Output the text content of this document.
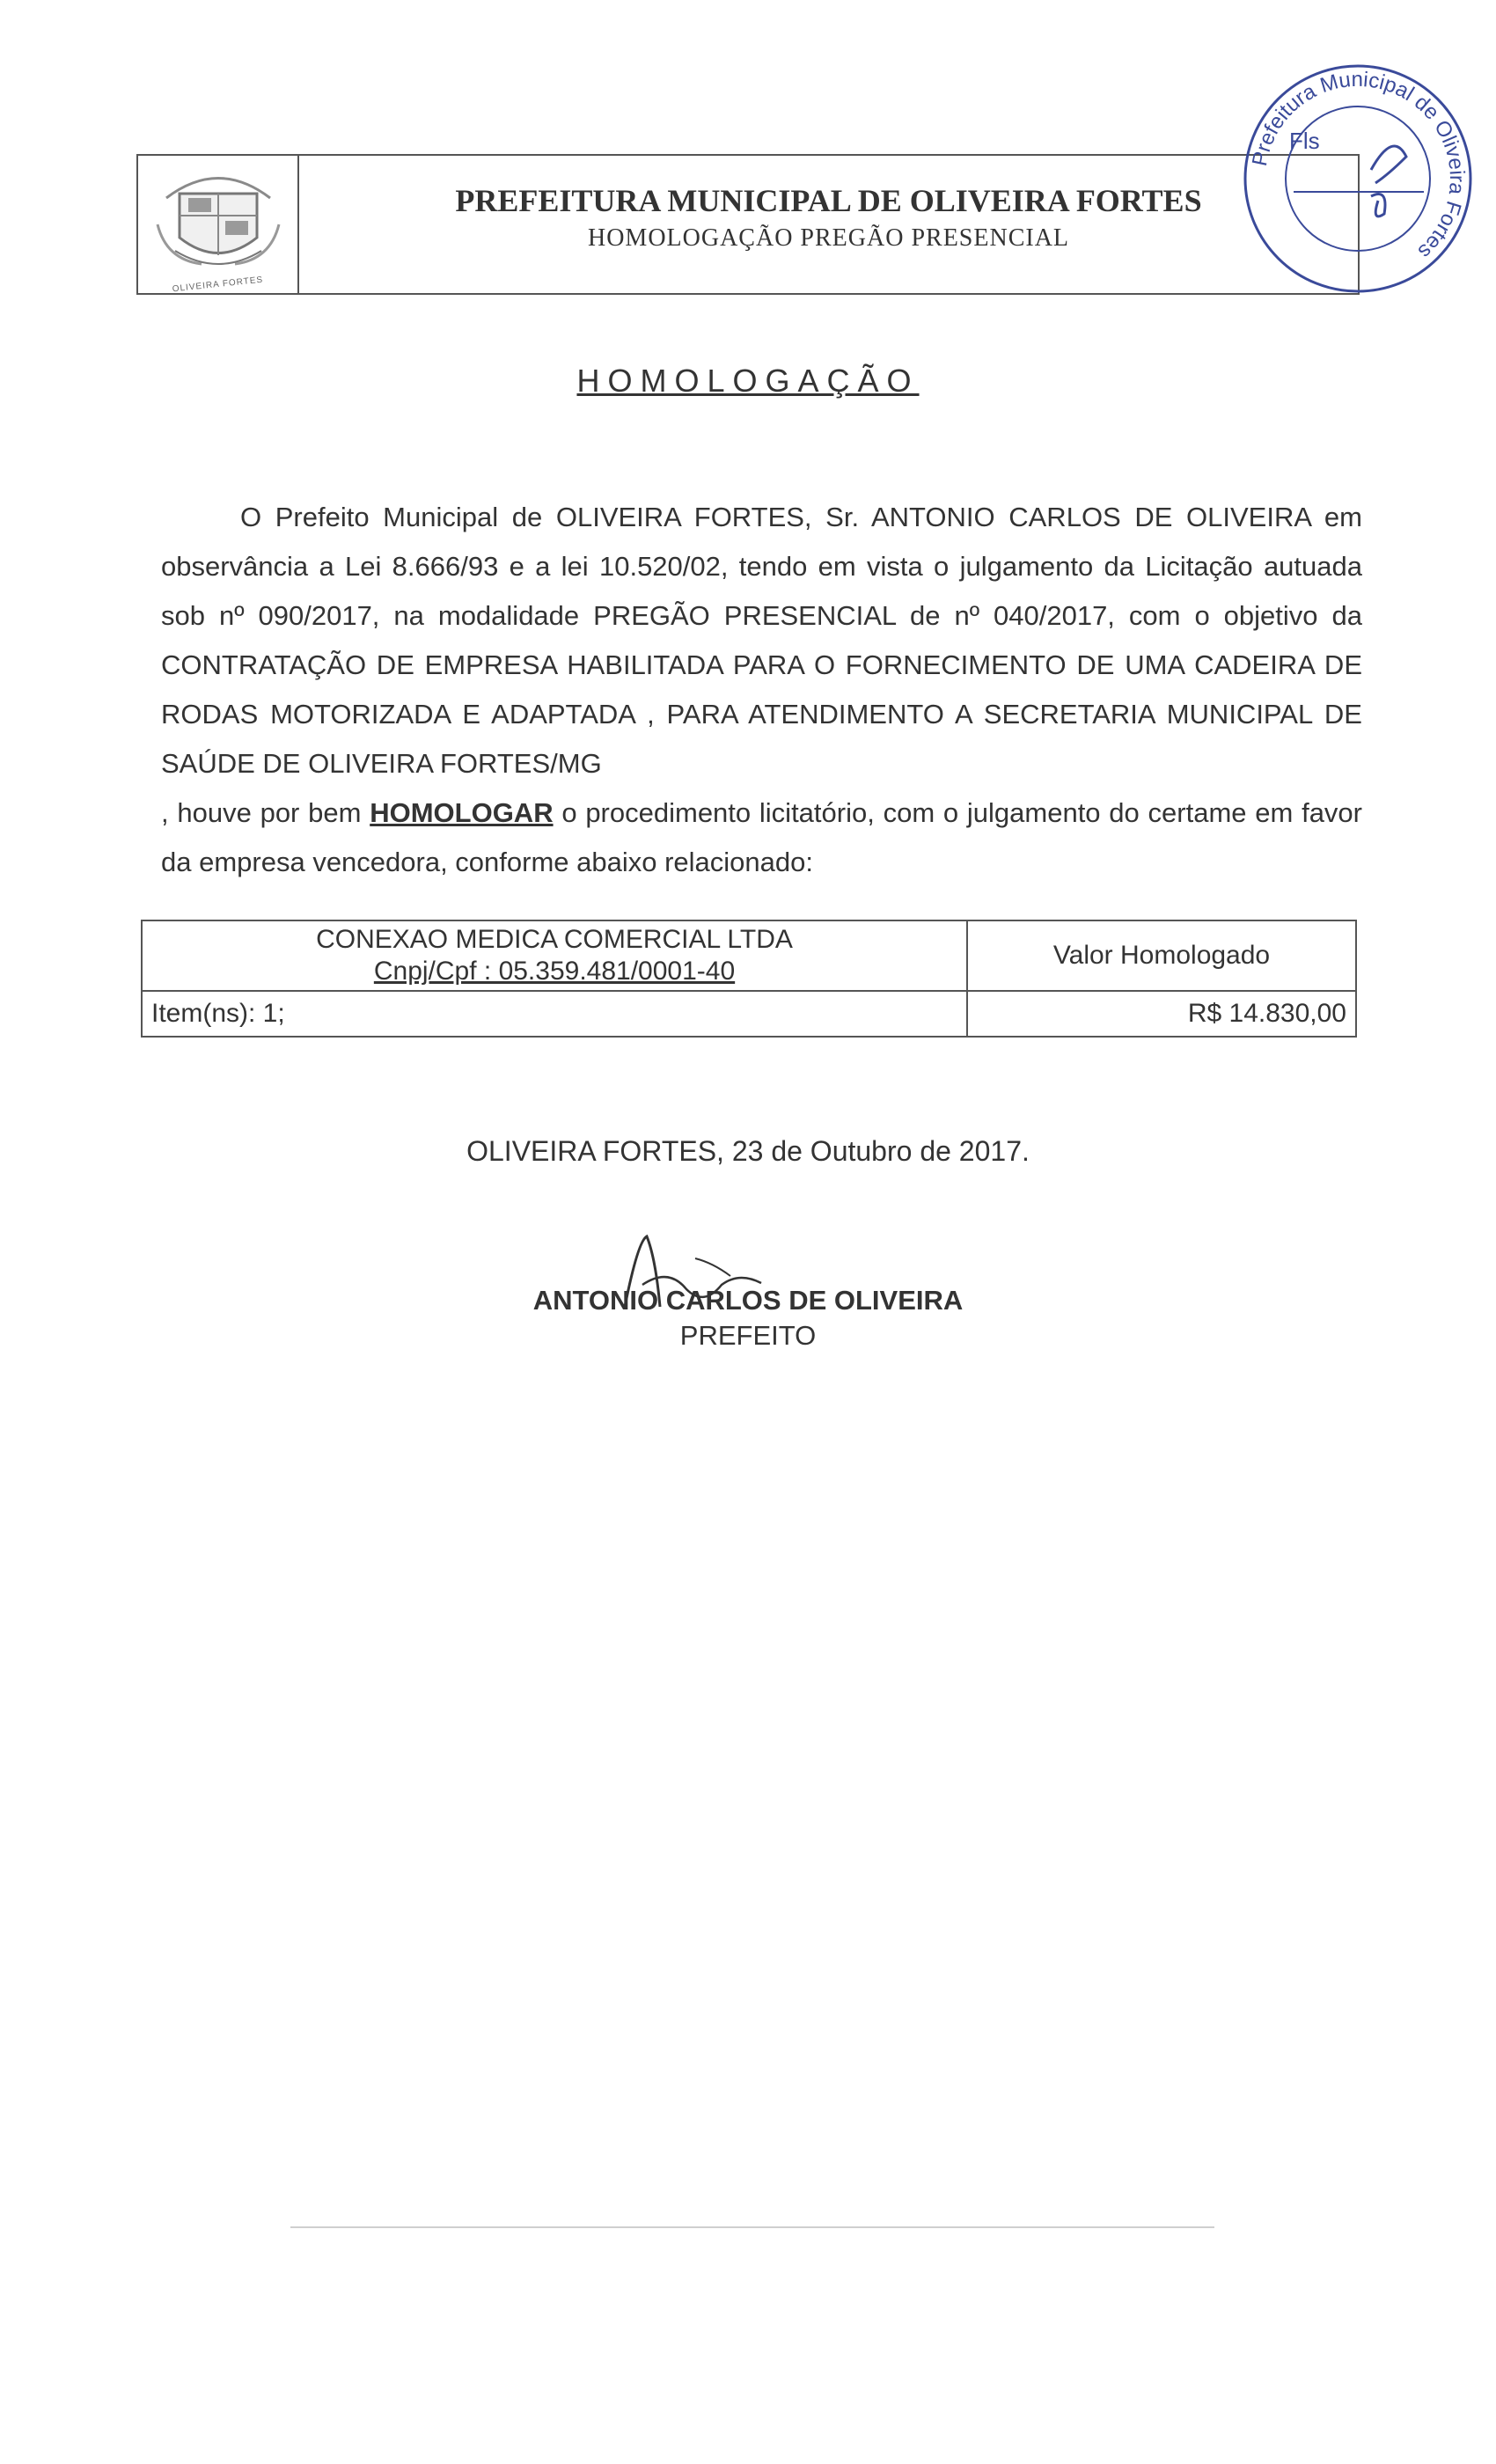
OLIVEIRA FORTES
PREFEITURA MUNICIPAL DE OLIVEIRA FORTES
HOMOLOGAÇÃO PREGÃO PRESENCIAL
Prefeitura Municipal de Oliveira Fortes
Fls
HOMOLOGAÇÃO

O Prefeito Municipal de OLIVEIRA FORTES, Sr. ANTONIO CARLOS DE OLIVEIRA em observância a Lei 8.666/93 e a lei 10.520/02, tendo em vista o julgamento da Licitação autuada sob nº 090/2017, na modalidade PREGÃO PRESENCIAL de nº 040/2017, com o objetivo da CONTRATAÇÃO DE EMPRESA HABILITADA PARA O FORNECIMENTO DE UMA CADEIRA DE RODAS MOTORIZADA E ADAPTADA , PARA ATENDIMENTO A SECRETARIA MUNICIPAL DE SAÚDE DE OLIVEIRA FORTES/MG

, houve por bem HOMOLOGAR o procedimento licitatório, com o julgamento do certame em favor da empresa vencedora, conforme abaixo relacionado:

CONEXAO MEDICA COMERCIAL LTDA
Cnpj/Cpf : 05.359.481/0001-40	Valor Homologado
Item(ns): 1;	R$ 14.830,00
OLIVEIRA FORTES, 23 de Outubro de 2017.
ANTONIO CARLOS DE OLIVEIRA
PREFEITO
